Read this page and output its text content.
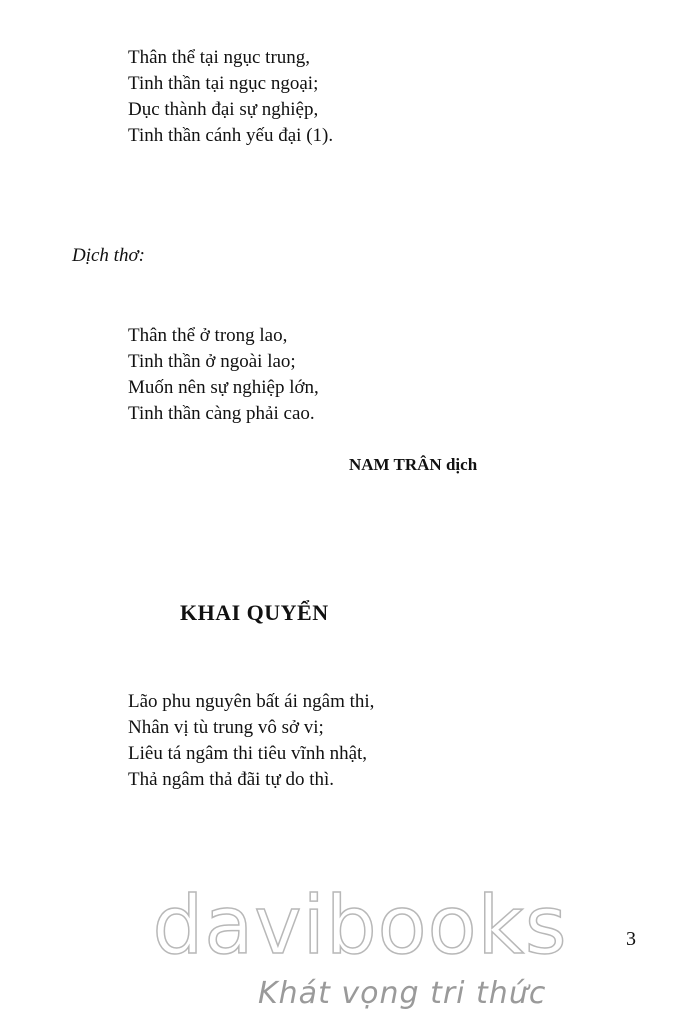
Thân thể tại ngục trung,
Tinh thần tại ngục ngoại;
Dục thành đại sự nghiệp,
Tinh thần cánh yếu đại (1).
Dịch thơ:
Thân thể ở trong lao,
Tinh thần ở ngoài lao;
Muốn nên sự nghiệp lớn,
Tinh thần càng phải cao.
NAM TRÂN dịch
KHAI QUYỂN
Lão phu nguyên bất ái ngâm thi,
Nhân vị tù trung vô sở vi;
Liêu tá ngâm thi tiêu vĩnh nhật,
Thả ngâm thả đãi tự do thì.
3
davibooks
Khát vọng tri thức
